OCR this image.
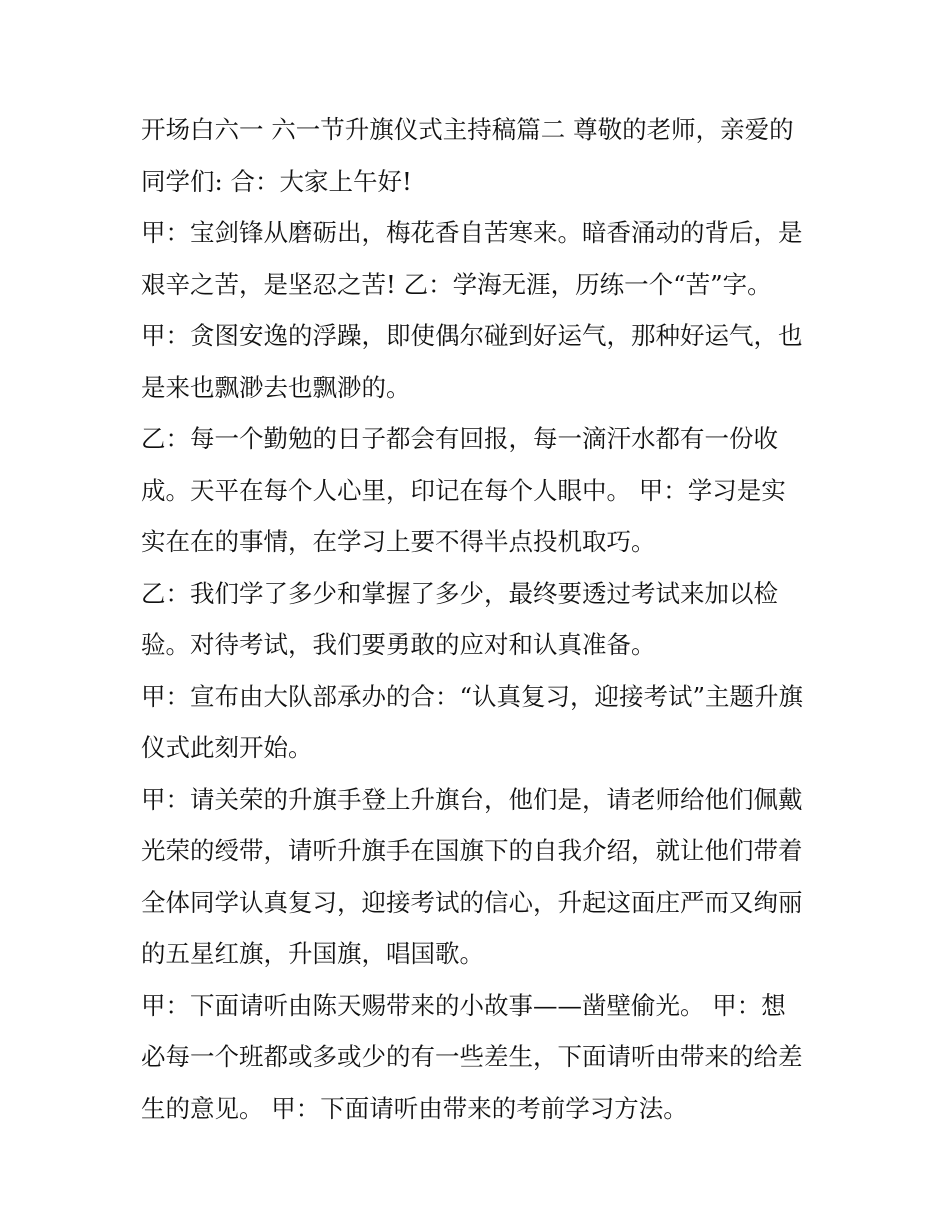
开场白六一 六一节升旗仪式主持稿篇二 尊敬的老师，亲爱的
同学们: 合：大家上午好!

甲：宝剑锋从磨砺出，梅花香自苦寒来。暗香涌动的背后，是
艰辛之苦，是坚忍之苦! 乙：学海无涯，历练一个“苦”字。

甲：贪图安逸的浮躁，即使偶尔碰到好运气，那种好运气，也
是来也飘渺去也飘渺的。

乙：每一个勤勉的日子都会有回报，每一滴汗水都有一份收
成。天平在每个人心里，印记在每个人眼中。 甲：学习是实
实在在的事情，在学习上要不得半点投机取巧。

乙：我们学了多少和掌握了多少，最终要透过考试来加以检
验。对待考试，我们要勇敢的应对和认真准备。

甲：宣布由大队部承办的合：“认真复习，迎接考试”主题升旗
仪式此刻开始。

甲：请关荣的升旗手登上升旗台，他们是，请老师给他们佩戴
光荣的绶带，请听升旗手在国旗下的自我介绍，就让他们带着
全体同学认真复习，迎接考试的信心，升起这面庄严而又绚丽
的五星红旗，升国旗，唱国歌。

甲：下面请听由陈天赐带来的小故事——凿壁偷光。 甲：想
必每一个班都或多或少的有一些差生，下面请听由带来的给差
生的意见。 甲：下面请听由带来的考前学习方法。
